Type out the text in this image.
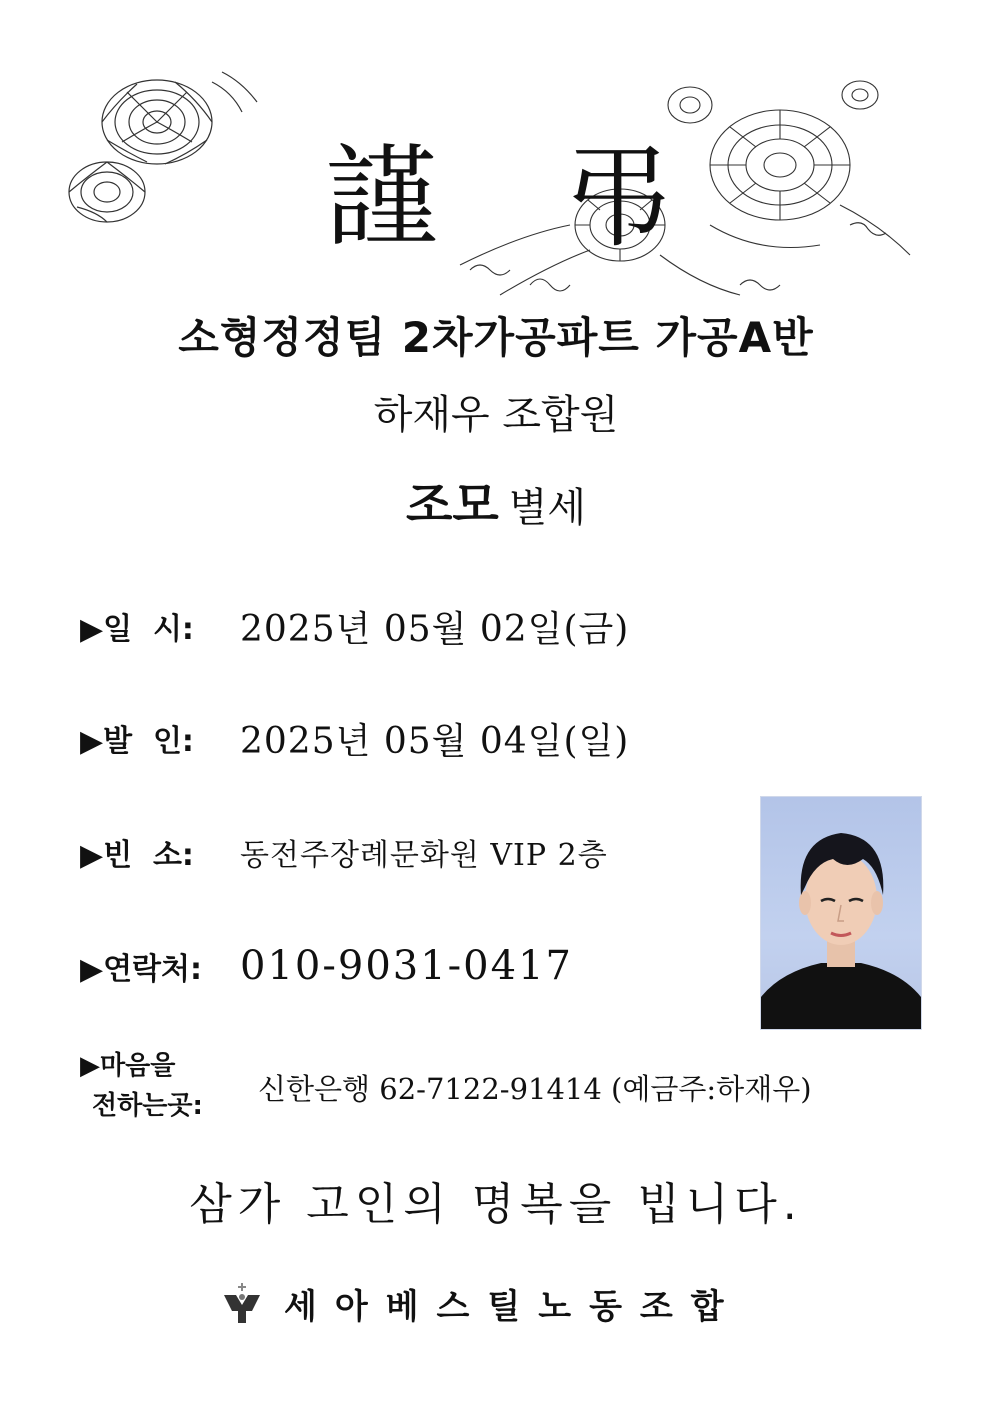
謹 弔
소형정정팀 2차가공파트 가공A반
하재우 조합원
조모 별세
▶일  시:	2025년 05월 02일(금)
▶발  인:	2025년 05월 04일(일)
▶빈  소:	동전주장례문화원 VIP 2층
▶연락처: 010-9031-0417
▶마음을
전하는곳:	신한은행 62-7122-91414 (예금주:하재우)
삼가 고인의 명복을 빕니다.
세아베스틸노동조합
